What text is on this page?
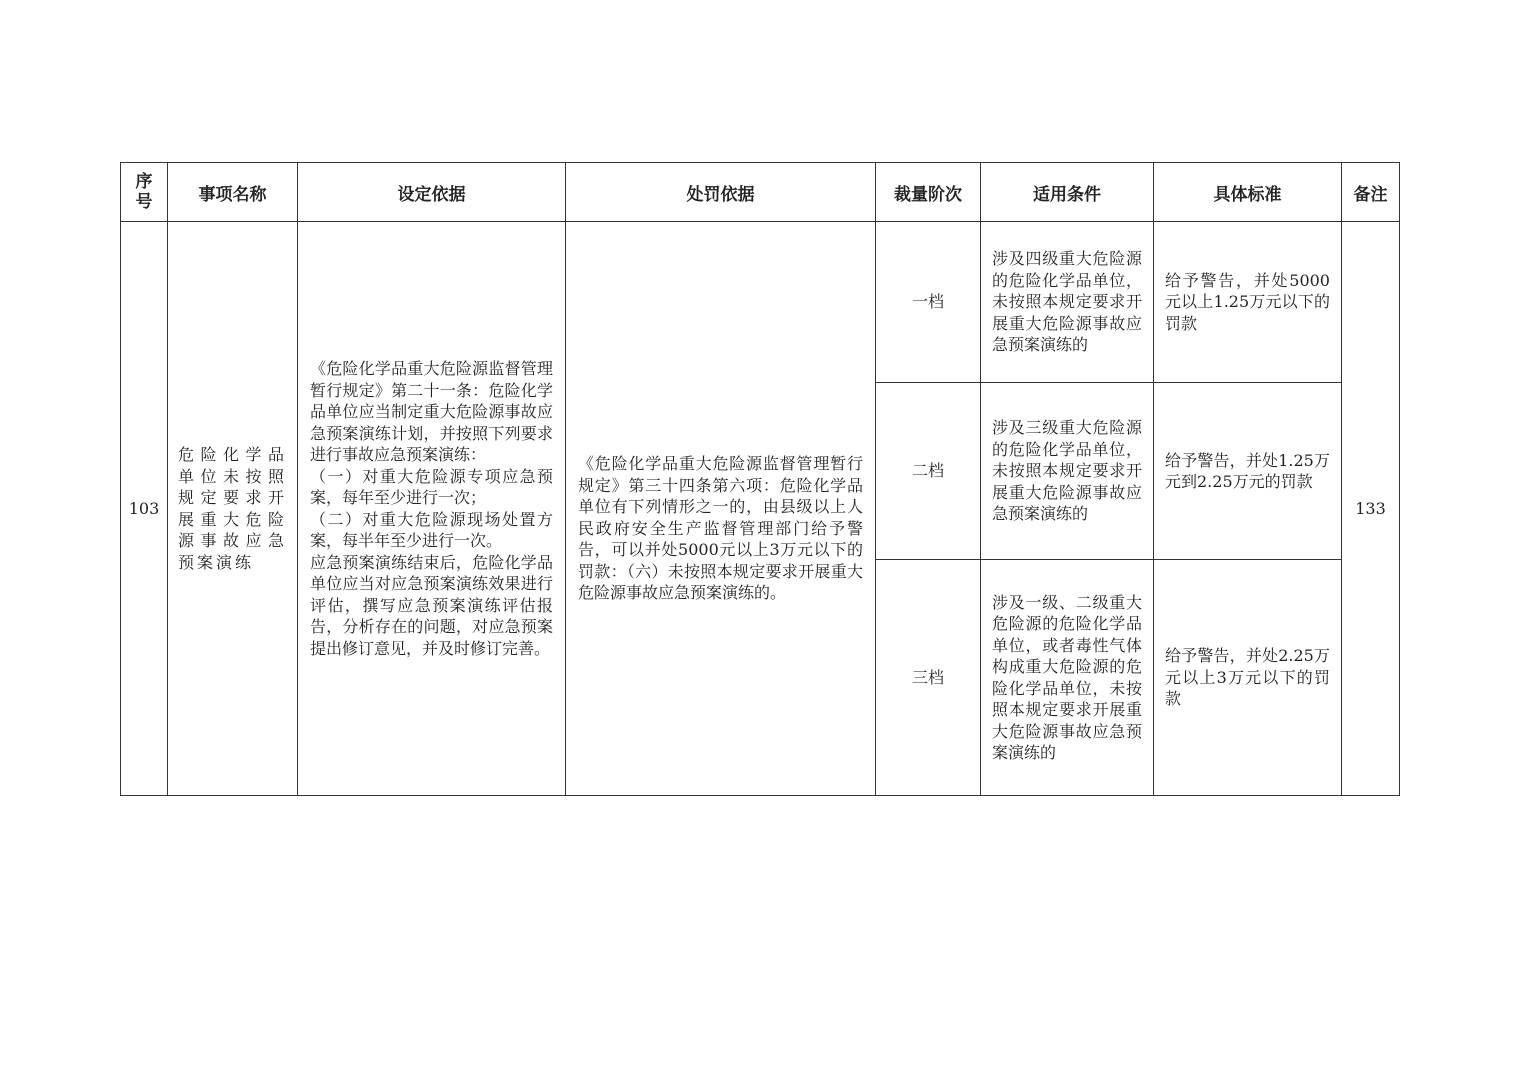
序号	事项名称	设定依据	处罚依据	裁量阶次	适用条件	具体标准	备注
103	危险化学品单位未按照规定要求开展重大危险源事故应急预案演练	《危险化学品重大危险源监督管理暂行规定》第二十一条：危险化学品单位应当制定重大危险源事故应急预案演练计划，并按照下列要求进行事故应急预案演练：
（一）对重大危险源专项应急预案，每年至少进行一次；
（二）对重大危险源现场处置方案，每半年至少进行一次。
应急预案演练结束后，危险化学品单位应当对应急预案演练效果进行评估，撰写应急预案演练评估报告，分析存在的问题，对应急预案提出修订意见，并及时修订完善。	《危险化学品重大危险源监督管理暂行规定》第三十四条第六项：危险化学品单位有下列情形之一的，由县级以上人民政府安全生产监督管理部门给予警告，可以并处5000元以上3万元以下的罚款：（六）未按照本规定要求开展重大危险源事故应急预案演练的。	一档	涉及四级重大危险源的危险化学品单位，未按照本规定要求开展重大危险源事故应急预案演练的	给予警告，并处5000元以上1.25万元以下的罚款	133
				二档	涉及三级重大危险源的危险化学品单位，未按照本规定要求开展重大危险源事故应急预案演练的	给予警告，并处1.25万元到2.25万元的罚款	
				三档	涉及一级、二级重大危险源的危险化学品单位，或者毒性气体构成重大危险源的危险化学品单位，未按照本规定要求开展重大危险源事故应急预案演练的	给予警告，并处2.25万元以上3万元以下的罚款	
